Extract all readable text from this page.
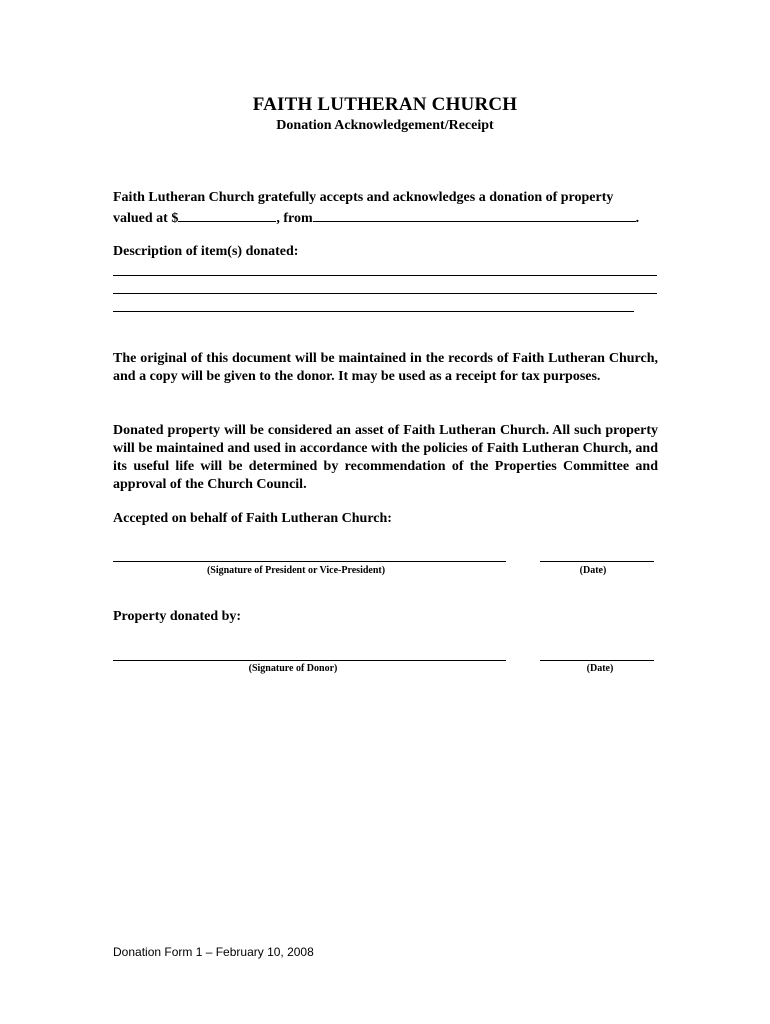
FAITH LUTHERAN CHURCH
Donation Acknowledgement/Receipt
Faith Lutheran Church gratefully accepts and acknowledges a donation of property
valued at $	, from	.
Description of item(s) donated:
The original of this document will be maintained in the records of Faith Lutheran Church, and a copy will be given to the donor. It may be used as a receipt for tax purposes.
Donated property will be considered an asset of Faith Lutheran Church. All such property will be maintained and used in accordance with the policies of Faith Lutheran Church, and its useful life will be determined by recommendation of the Properties Committee and approval of the Church Council.
Accepted on behalf of Faith Lutheran Church:
(Signature of President or Vice-President)	(Date)
Property donated by:
(Signature of Donor)	(Date)
Donation Form 1 – February 10, 2008
